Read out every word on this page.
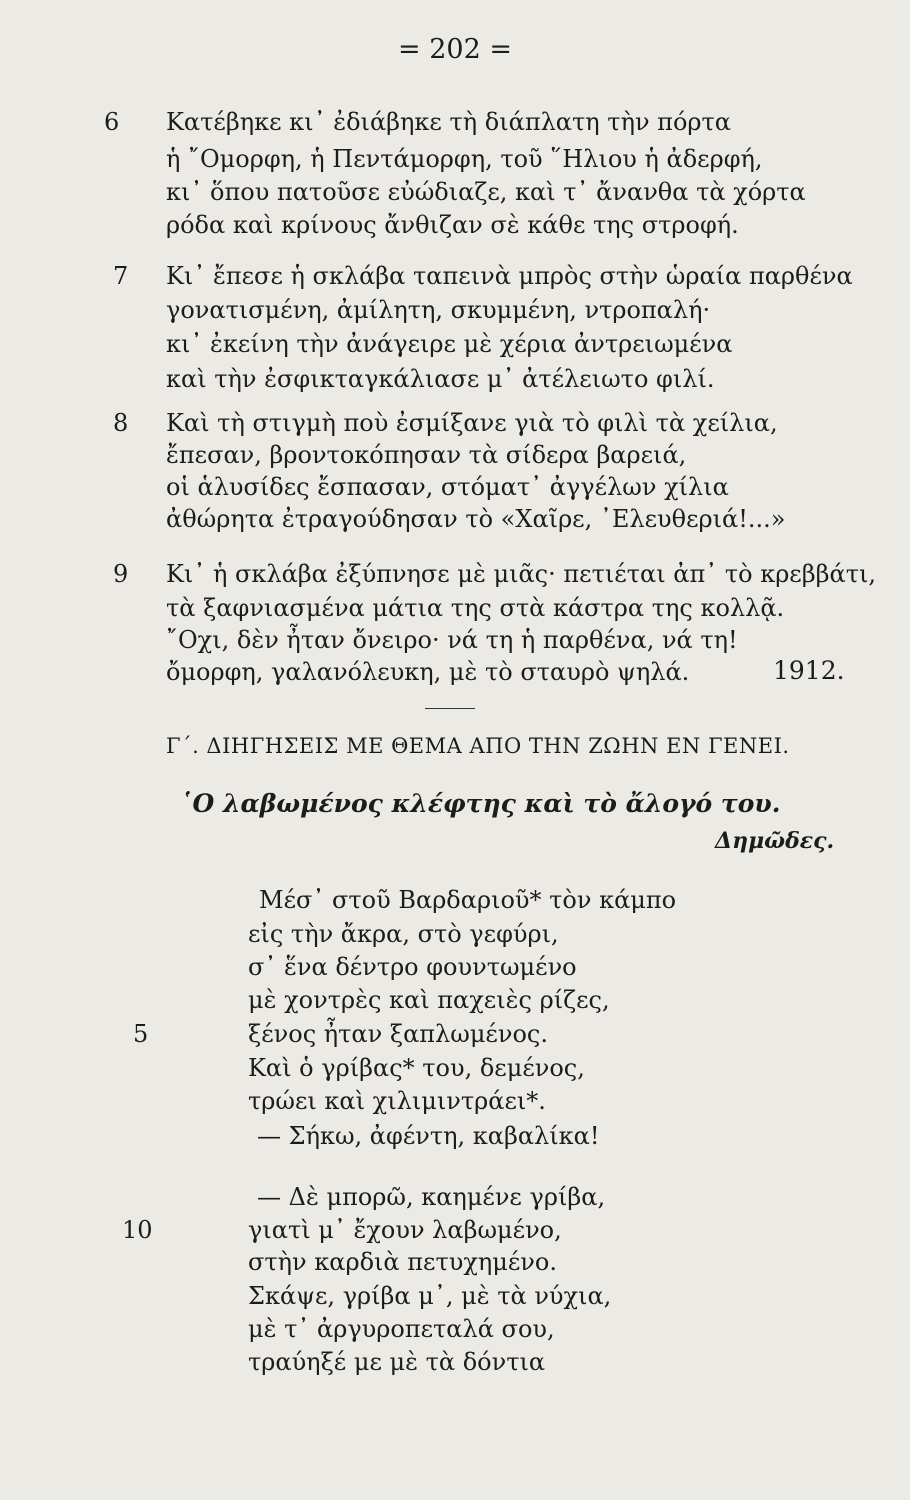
= 202 =
6 Κατέβηκε κι᾿ ἐδιάβηκε τὴ διάπλατη τὴν πόρτα
ἡ ῎Ομορφη, ἡ Πεντάμορφη, τοῦ ῞Ηλιου ἡ ἀδερφή,
κι᾿ ὅπου πατοῦσε εὐώδιαζε, καὶ τ᾿ ἄνανθα τὰ χόρτα
ρόδα καὶ κρίνους ἄνθιζαν σὲ κάθε της στροφή.
7 Κι᾿ ἔπεσε ἡ σκλάβα ταπεινὰ μπρὸς στὴν ὡραία παρθένα
γονατισμένη, ἀμίλητη, σκυμμένη, ντροπαλή·
κι᾿ ἐκείνη τὴν ἀνάγειρε μὲ χέρια ἀντρειωμένα
καὶ τὴν ἐσφικταγκάλιασε μ᾿ ἀτέλειωτο φιλί.
8 Καὶ τὴ στιγμὴ ποὺ ἐσμίξανε γιὰ τὸ φιλὶ τὰ χείλια,
ἔπεσαν, βροντοκόπησαν τὰ σίδερα βαρειά,
οἱ ἁλυσίδες ἔσπασαν, στόματ᾿ ἀγγέλων χίλια
ἀθώρητα ἐτραγούδησαν τὸ «Χαῖρε, ᾿Ελευθεριά!...»
9 Κι᾿ ἡ σκλάβα ἐξύπνησε μὲ μιᾶς· πετιέται ἀπ᾿ τὸ κρεββάτι,
τὰ ξαφνιασμένα μάτια της στὰ κάστρα της κολλᾷ.
῎Οχι, δὲν ἦταν ὄνειρο· νά τη ἡ παρθένα, νά τη!
ὄμορφη, γαλανόλευκη, μὲ τὸ σταυρὸ ψηλά.	1912.
Γ΄. ΔΙΗΓΗΣΕΙΣ ΜΕ ΘΕΜΑ ΑΠΟ ΤΗΝ ΖΩΗΝ ΕΝ ΓΕΝΕΙ.
῾Ο λαβωμένος κλέφτης καὶ τὸ ἄλογό του.
Δημῶδες.
Μέσ᾿ στοῦ Βαρδαριοῦ* τὸν κάμπο
εἰς τὴν ἄκρα, στὸ γεφύρι,
σ᾿ ἕνα δέντρο φουντωμένο
μὲ χοντρὲς καὶ παχειὲς ρίζες,
5	ξένος ἦταν ξαπλωμένος.
Καὶ ὁ γρίβας* του, δεμένος,
τρώει καὶ χιλιμιντράει*.
— Σήκω, ἀφέντη, καβαλίκα!
— Δὲ μπορῶ, καημένε γρίβα,
10	γιατὶ μ᾿ ἔχουν λαβωμένο,
στὴν καρδιὰ πετυχημένο.
Σκάψε, γρίβα μ᾿, μὲ τὰ νύχια,
μὲ τ᾿ ἀργυροπεταλά σου,
τραύηξέ με μὲ τὰ δόντια
